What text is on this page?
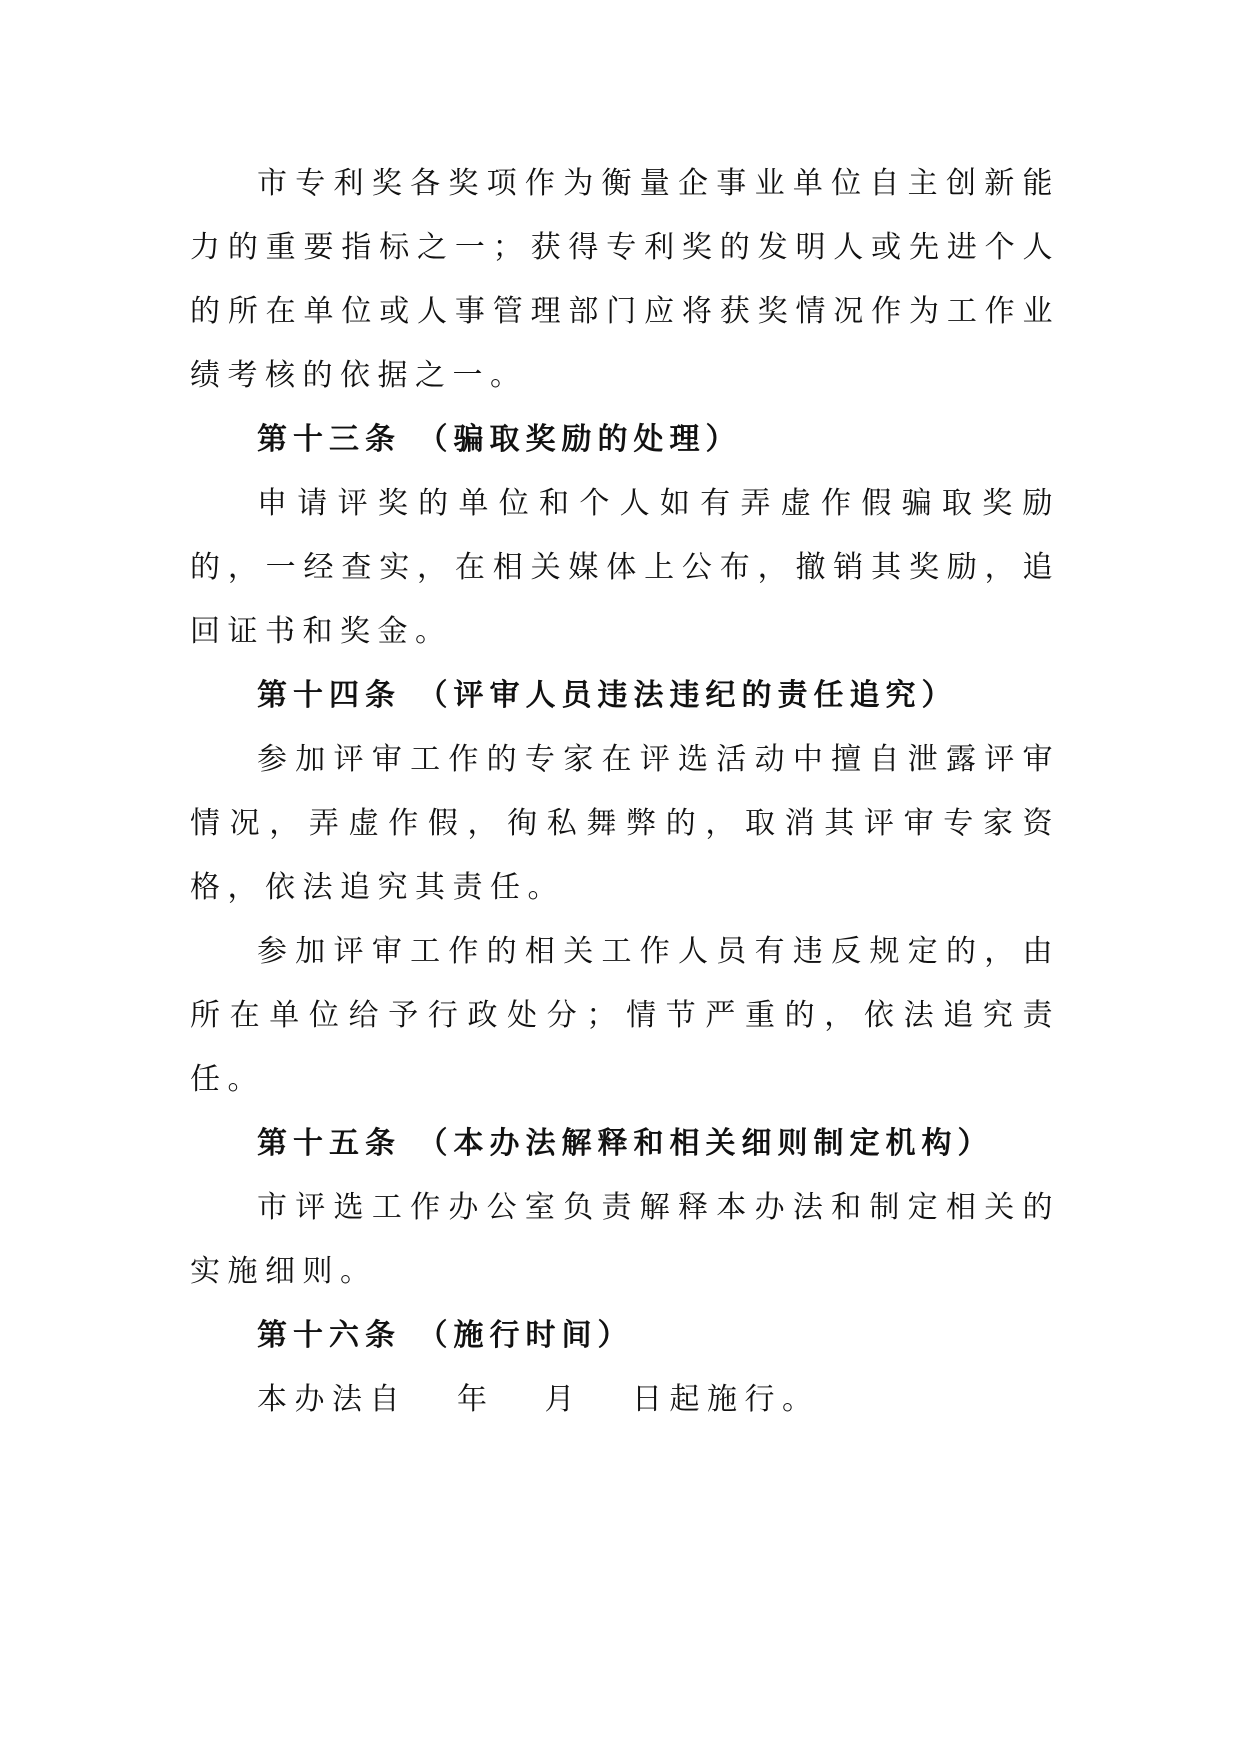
市专利奖各奖项作为衡量企事业单位自主创新能力的重要指标之一；获得专利奖的发明人或先进个人的所在单位或人事管理部门应将获奖情况作为工作业绩考核的依据之一。

第十三条 （骗取奖励的处理）

申请评奖的单位和个人如有弄虚作假骗取奖励的，一经查实，在相关媒体上公布，撤销其奖励，追回证书和奖金。

第十四条 （评审人员违法违纪的责任追究）

参加评审工作的专家在评选活动中擅自泄露评审情况，弄虚作假，徇私舞弊的，取消其评审专家资格，依法追究其责任。

参加评审工作的相关工作人员有违反规定的，由所在单位给予行政处分；情节严重的，依法追究责任。

第十五条 （本办法解释和相关细则制定机构）

市评选工作办公室负责解释本办法和制定相关的实施细则。

第十六条 （施行时间）

本办法自 年 月 日起施行。
